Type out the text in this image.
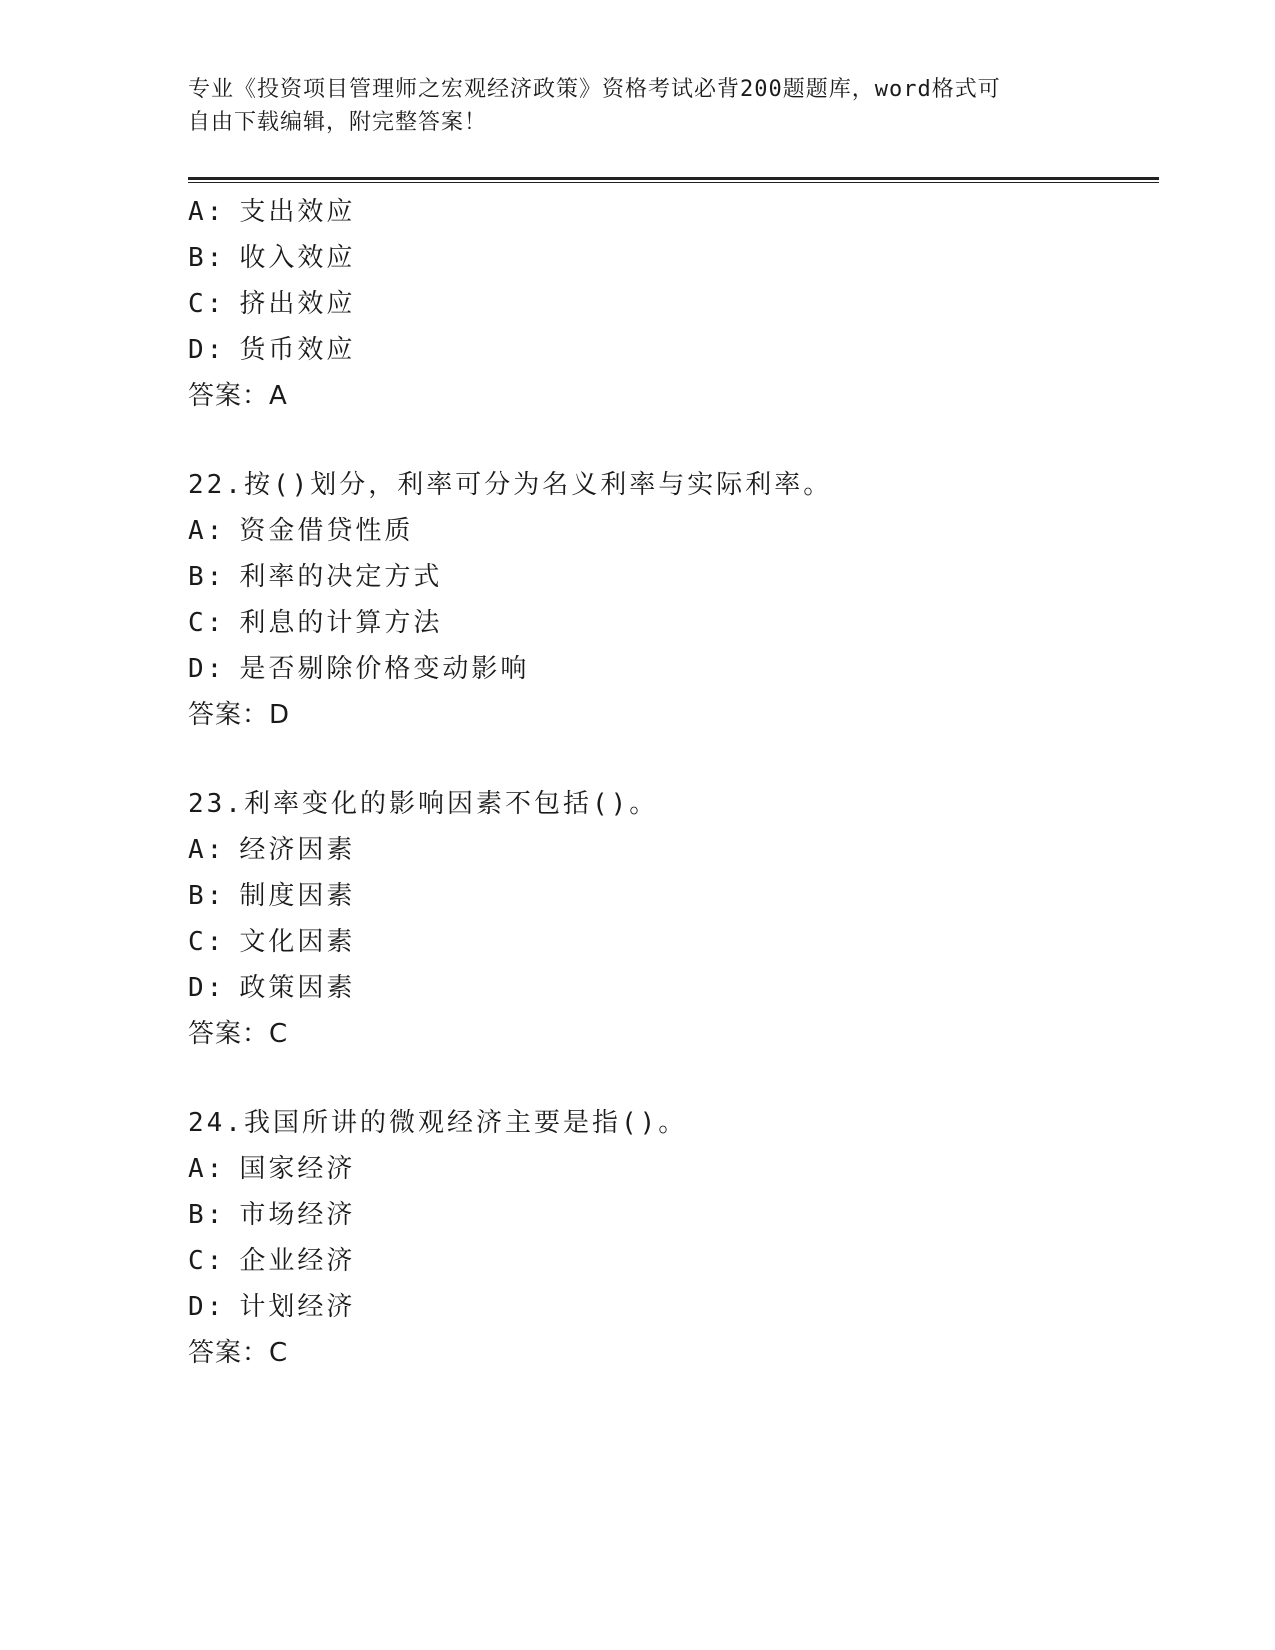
专业《投资项目管理师之宏观经济政策》资格考试必背200题题库，word格式可
自由下载编辑，附完整答案！
A: 支出效应
B: 收入效应
C: 挤出效应
D: 货币效应
答案：A
22.按()划分，利率可分为名义利率与实际利率。
A: 资金借贷性质
B: 利率的决定方式
C: 利息的计算方法
D: 是否剔除价格变动影响
答案：D
23.利率变化的影响因素不包括()。
A: 经济因素
B: 制度因素
C: 文化因素
D: 政策因素
答案：C
24.我国所讲的微观经济主要是指()。
A: 国家经济
B: 市场经济
C: 企业经济
D: 计划经济
答案：C
